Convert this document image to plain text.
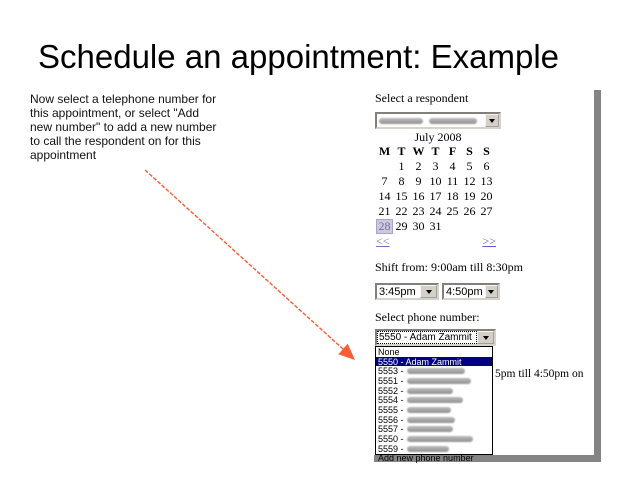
Schedule an appointment: Example
Now select a telephone number for
this appointment, or select "Add
new number" to add a new number
to call the respondent on for this
appointment
Select a respondent
July 2008
M T W T F S S
1 2 3 4 5 6
7 8 9 10 11 12 13
14 15 16 17 18 19 20
21 22 23 24 25 26 27
28 29 30 31
<<	>>
Shift from: 9:00am till 8:30pm
3:45pm	4:50pm
Select phone number:
5550 - Adam Zammit
5pm till 4:50pm on
None
5550 - Adam Zammit
5553 -
5551 -
5552 -
5554 -
5555 -
5556 -
5557 -
5550 -
5559 -
Add new phone number
